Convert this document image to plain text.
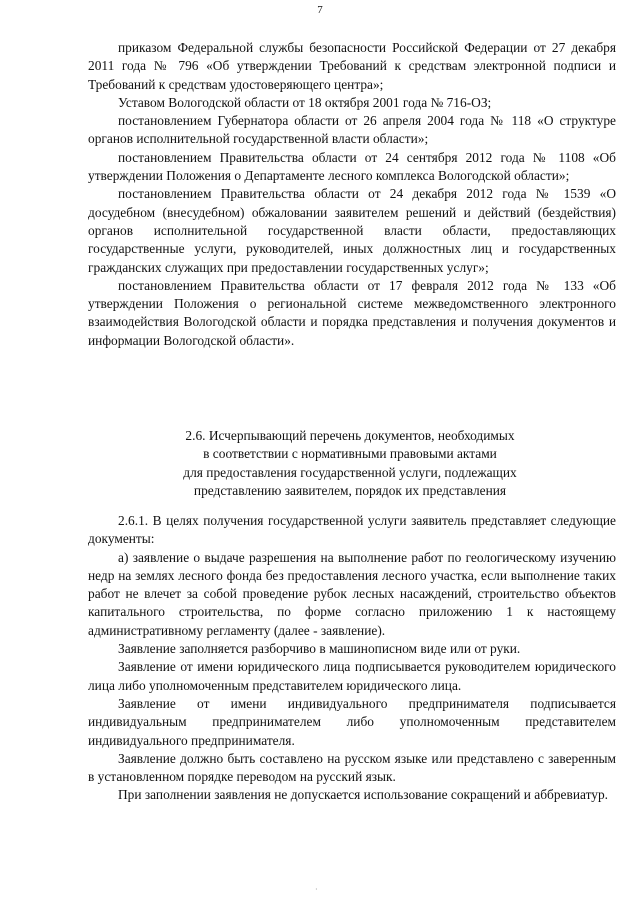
7

приказом Федеральной службы безопасности Российской Федерации от 27 декабря 2011 года № 796 «Об утверждении Требований к средствам электронной подписи и Требований к средствам удостоверяющего центра»;

Уставом Вологодской области от 18 октября 2001 года № 716-ОЗ;

постановлением Губернатора области от 26 апреля 2004 года № 118 «О структуре органов исполнительной государственной власти области»;

постановлением Правительства области от 24 сентября 2012 года № 1108 «Об утверждении Положения о Департаменте лесного комплекса Вологодской области»;

постановлением Правительства области от 24 декабря 2012 года № 1539 «О досудебном (внесудебном) обжаловании заявителем решений и действий (бездействия) органов исполнительной государственной власти области, предоставляющих государственные услуги, руководителей, иных должностных лиц и государственных гражданских служащих при предоставлении государственных услуг»;

постановлением Правительства области от 17 февраля 2012 года № 133 «Об утверждении Положения о региональной системе межведомственного электронного взаимодействия Вологодской области и порядка представления и получения документов и информации Вологодской области».

2.6. Исчерпывающий перечень документов, необходимых
в соответствии с нормативными правовыми актами
для предоставления государственной услуги, подлежащих
представлению заявителем, порядок их представления

2.6.1. В целях получения государственной услуги заявитель представляет следующие документы:

а) заявление о выдаче разрешения на выполнение работ по геологическому изучению недр на землях лесного фонда без предоставления лесного участка, если выполнение таких работ не влечет за собой проведение рубок лесных насаждений, строительство объектов капитального строительства, по форме согласно приложению 1 к настоящему административному регламенту (далее - заявление).

Заявление заполняется разборчиво в машинописном виде или от руки.

Заявление от имени юридического лица подписывается руководителем юридического лица либо уполномоченным представителем юридического лица.

Заявление от имени индивидуального предпринимателя подписывается индивидуальным предпринимателем либо уполномоченным представителем индивидуального предпринимателя.

Заявление должно быть составлено на русском языке или представлено с заверенным в установленном порядке переводом на русский язык.

При заполнении заявления не допускается использование сокращений и аббревиатур.

·
